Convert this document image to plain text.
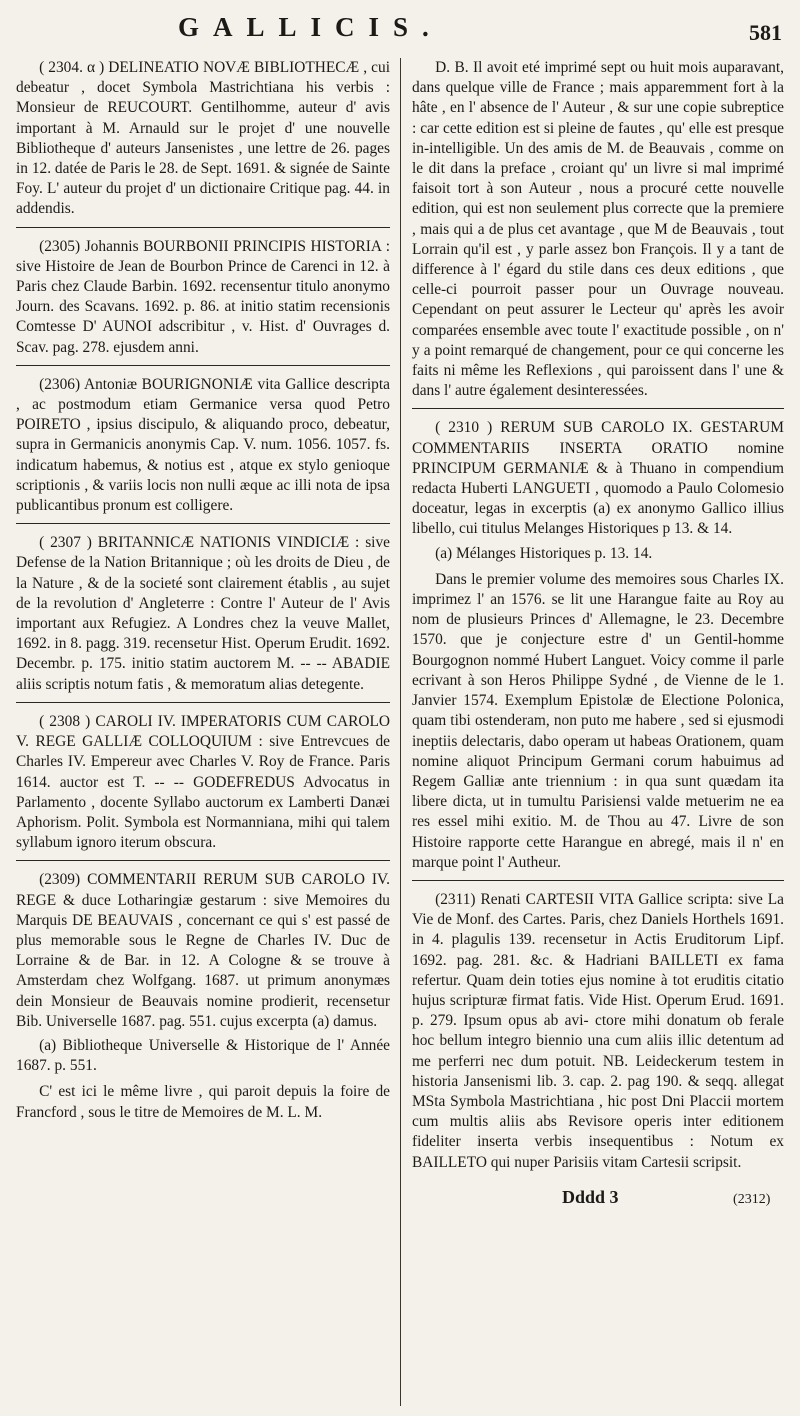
GALLICIS.	581
( 2304. α ) DELINEATIO NOVÆ BIBLIOTHECÆ , cui debeatur , docet Symbola Mastrichtiana his verbis : Monsieur de REUCOURT. Gentilhomme, auteur d' avis important à M. Arnauld sur le projet d' une nouvelle Bibliotheque d' auteurs Jansenistes , une lettre de 26. pages in 12. datée de Paris le 28. de Sept. 1691. & signée de Sainte Foy. L' auteur du projet d' un dictionaire Critique pag. 44. in addendis.
(2305) Johannis BOURBONII PRINCIPIS HISTORIA : sive Histoire de Jean de Bourbon Prince de Carenci in 12. à Paris chez Claude Barbin. 1692. recensentur titulo anonymo Journ. des Scavans. 1692. p. 86. at initio statim recensionis Comtesse D' AUNOI adscribitur , v. Hist. d' Ouvrages d. Scav. pag. 278. ejusdem anni.
(2306) Antoniæ BOURIGNONIÆ vita Gallice descripta , ac postmodum etiam Germanice versa quod Petro POIRETO , ipsius discipulo, & aliquando proco, debeatur, supra in Germanicis anonymis Cap. V. num. 1056. 1057. fs. indicatum habemus, & notius est , atque ex stylo genioque scriptionis , & variis locis non nulli æque ac illi nota de ipsa publicantibus pronum est colligere.
( 2307 ) BRITANNICÆ NATIONIS VINDICIÆ : sive Defense de la Nation Britannique ; où les droits de Dieu , de la Nature , & de la societé sont clairement établis , au sujet de la revolution d' Angleterre : Contre l' Auteur de l' Avis important aux Refugiez. A Londres chez la veuve Mallet, 1692. in 8. pagg. 319. recensetur Hist. Operum Erudit. 1692. Decembr. p. 175. initio statim auctorem M. -- -- ABADIE aliis scriptis notum fatis , & memoratum alias detegente.
( 2308 ) CAROLI IV. IMPERATORIS CUM CAROLO V. REGE GALLIÆ COLLOQUIUM : sive Entrevcues de Charles IV. Empereur avec Charles V. Roy de France. Paris 1614. auctor est T. -- -- GODEFREDUS Advocatus in Parlamento , docente Syllabo auctorum ex Lamberti Danæi Aphorism. Polit. Symbola est Normanniana, mihi qui talem syllabum ignoro iterum obscura.
(2309) COMMENTARII RERUM SUB CAROLO IV. REGE & duce Lotharingiæ gestarum : sive Memoires du Marquis DE BEAUVAIS , concernant ce qui s' est passé de plus memorable sous le Regne de Charles IV. Duc de Lorraine & de Bar. in 12. A Cologne & se trouve à Amsterdam chez Wolfgang. 1687. ut primum anonymæs dein Monsieur de Beauvais nomine prodierit, recensetur Bib. Universelle 1687. pag. 551. cujus excerpta (a) damus.
(a) Bibliotheque Universelle & Historique de l' Année 1687. p. 551.
C' est ici le même livre , qui paroit depuis la foire de Francford , sous le titre de Memoires de M. L. M.
D. B. Il avoit eté imprimé sept ou huit mois auparavant, dans quelque ville de France ; mais apparemment fort à la hâte , en l' absence de l' Auteur , & sur une copie subreptice : car cette edition est si pleine de fautes , qu' elle est presque in-intelligible. Un des amis de M. de Beauvais , comme on le dit dans la preface , croiant qu' un livre si mal imprimé faisoit tort à son Auteur , nous a procuré cette nouvelle edition, qui est non seulement plus correcte que la premiere , mais qui a de plus cet avantage , que M de Beauvais , tout Lorrain qu'il est , y parle assez bon François. Il y a tant de difference à l' égard du stile dans ces deux editions , que celle-ci pourroit passer pour un Ouvrage nouveau. Cependant on peut assurer le Lecteur qu' après les avoir comparées ensemble avec toute l' exactitude possible , on n' y a point remarqué de changement, pour ce qui concerne les faits ni même les Reflexions , qui paroissent dans l' une & dans l' autre également desinteressées.
( 2310 ) RERUM SUB CAROLO IX. GESTARUM COMMENTARIIS INSERTA ORATIO nomine PRINCIPUM GERMANIÆ & à Thuano in compendium redacta Huberti LANGUETI , quomodo a Paulo Colomesio doceatur, legas in excerptis (a) ex anonymo Gallico illius libello, cui titulus Melanges Historiques p 13. & 14.
(a) Mélanges Historiques p. 13. 14.
Dans le premier volume des memoires sous Charles IX. imprimez l' an 1576. se lit une Harangue faite au Roy au nom de plusieurs Princes d' Allemagne, le 23. Decembre 1570. que je conjecture estre d' un Gentil-homme Bourgognon nommé Hubert Languet. Voicy comme il parle ecrivant à son Heros Philippe Sydné , de Vienne de le 1. Janvier 1574. Exemplum Epistolæ de Electione Polonica, quam tibi ostenderam, non puto me habere , sed si ejusmodi ineptiis delectaris, dabo operam ut habeas Orationem, quam nomine aliquot Principum Germani corum habuimus ad Regem Galliæ ante triennium : in qua sunt quædam ita libere dicta, ut in tumultu Parisiensi valde metuerim ne ea res essel mihi exitio. M. de Thou au 47. Livre de son Histoire rapporte cette Harangue en abregé, mais il n' en marque point l' Autheur.
(2311) Renati CARTESII VITA Gallice scripta: sive La Vie de Monf. des Cartes. Paris, chez Daniels Horthels 1691. in 4. plagulis 139. recensetur in Actis Eruditorum Lipf. 1692. pag. 281. &c. & Hadriani BAILLETI ex fama refertur. Quam dein toties ejus nomine à tot eruditis citatio hujus scripturæ firmat fatis. Vide Hist. Operum Erud. 1691. p. 279. Ipsum opus ab avi- ctore mihi donatum ob ferale hoc bellum integro biennio una cum aliis illic detentum ad me perferri nec dum potuit. NB. Leideckerum testem in historia Jansenismi lib. 3. cap. 2. pag 190. & seqq. allegat MSta Symbola Mastrichtiana , hic post Dni Placcii mortem cum multis aliis abs Revisore operis inter editionem fideliter inserta verbis insequentibus : Notum ex BAILLETO qui nuper Parisiis vitam Cartesii scripsit.
Dddd 3	(2312)
